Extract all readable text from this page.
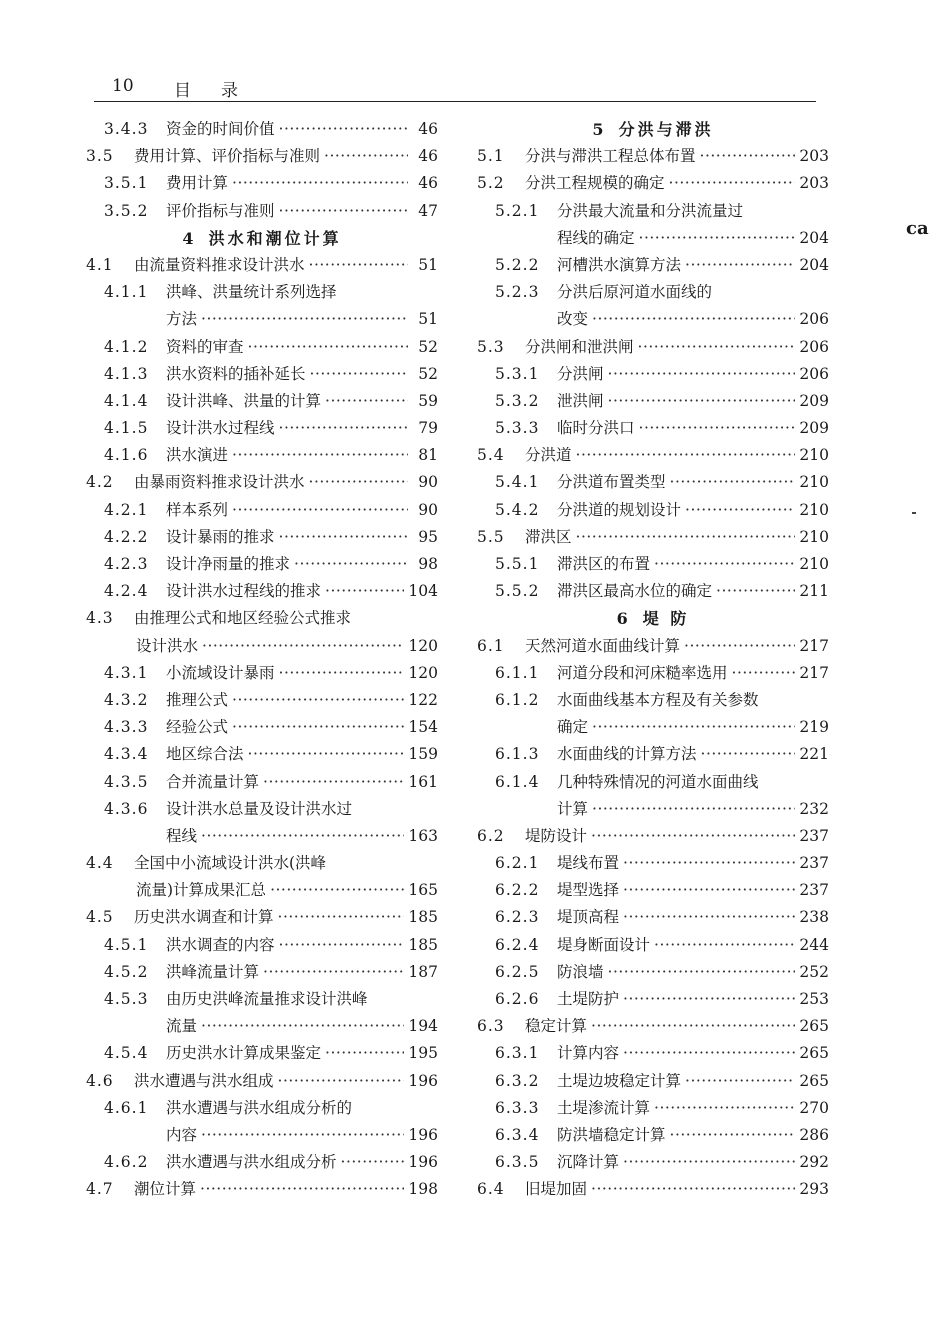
10 目录
3.4.3	资金的时间价值 ·····	46
3.5	费用计算、评价指标与准则 ·····	46
3.5.1	费用计算 ·····	46
3.5.2	评价指标与准则 ·····	47
4 洪水和潮位计算
4.1	由流量资料推求设计洪水 ·····	51
4.1.1	洪峰、洪量统计系列选择
方法 ·····	51
4.1.2	资料的审查 ·····	52
4.1.3	洪水资料的插补延长 ·····	52
4.1.4	设计洪峰、洪量的计算 ·····	59
4.1.5	设计洪水过程线 ·····	79
4.1.6	洪水演进 ·····	81
4.2	由暴雨资料推求设计洪水 ·····	90
4.2.1	样本系列 ·····	90
4.2.2	设计暴雨的推求 ·····	95
4.2.3	设计净雨量的推求 ·····	98
4.2.4	设计洪水过程线的推求 ·····	104
4.3	由推理公式和地区经验公式推求
设计洪水 ·····	120
4.3.1	小流域设计暴雨 ·····	120
4.3.2	推理公式 ·····	122
4.3.3	经验公式 ·····	154
4.3.4	地区综合法 ·····	159
4.3.5	合并流量计算 ·····	161
4.3.6	设计洪水总量及设计洪水过
程线 ·····	163
4.4	全国中小流域设计洪水(洪峰
流量)计算成果汇总 ·····	165
4.5	历史洪水调查和计算 ·····	185
4.5.1	洪水调查的内容 ·····	185
4.5.2	洪峰流量计算 ·····	187
4.5.3	由历史洪峰流量推求设计洪峰
流量 ·····	194
4.5.4	历史洪水计算成果鉴定 ·····	195
4.6	洪水遭遇与洪水组成 ·····	196
4.6.1	洪水遭遇与洪水组成分析的
内容 ·····	196
4.6.2	洪水遭遇与洪水组成分析 ·····	196
4.7	潮位计算 ·····	198
5 分洪与滞洪
5.1	分洪与滞洪工程总体布置 ·····	203
5.2	分洪工程规模的确定 ·····	203
5.2.1	分洪最大流量和分洪流量过
程线的确定 ·····	204
5.2.2	河槽洪水演算方法 ·····	204
5.2.3	分洪后原河道水面线的
改变 ·····	206
5.3	分洪闸和泄洪闸 ·····	206
5.3.1	分洪闸 ·····	206
5.3.2	泄洪闸 ·····	209
5.3.3	临时分洪口 ·····	209
5.4	分洪道 ·····	210
5.4.1	分洪道布置类型 ·····	210
5.4.2	分洪道的规划设计 ·····	210
5.5	滞洪区 ·····	210
5.5.1	滞洪区的布置 ·····	210
5.5.2	滞洪区最高水位的确定 ·····	211
6 堤 防
6.1	天然河道水面曲线计算 ·····	217
6.1.1	河道分段和河床糙率选用 ·····	217
6.1.2	水面曲线基本方程及有关参数
确定 ·····	219
6.1.3	水面曲线的计算方法 ·····	221
6.1.4	几种特殊情况的河道水面曲线
计算 ·····	232
6.2	堤防设计 ·····	237
6.2.1	堤线布置 ·····	237
6.2.2	堤型选择 ·····	237
6.2.3	堤顶高程 ·····	238
6.2.4	堤身断面设计 ·····	244
6.2.5	防浪墙 ·····	252
6.2.6	土堤防护 ·····	253
6.3	稳定计算 ·····	265
6.3.1	计算内容 ·····	265
6.3.2	土堤边坡稳定计算 ·····	265
6.3.3	土堤渗流计算 ·····	270
6.3.4	防洪墙稳定计算 ·····	286
6.3.5	沉降计算 ·····	292
6.4	旧堤加固 ·····	293
ca
